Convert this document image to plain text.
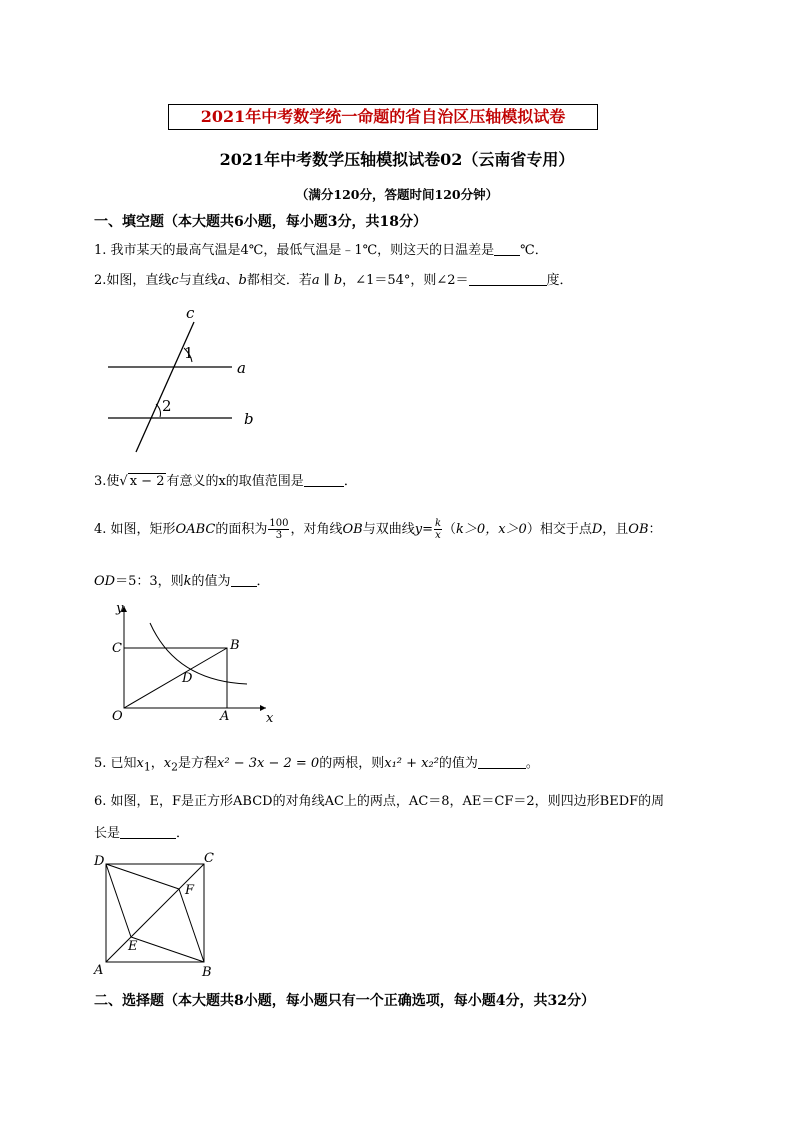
2021年中考数学统一命题的省自治区压轴模拟试卷
2021年中考数学压轴模拟试卷02（云南省专用）
（满分120分，答题时间120分钟）
一、填空题（本大题共6小题，每小题3分，共18分）
1. 我市某天的最高气温是4℃，最低气温是﹣1℃，则这天的日温差是 ℃．
2.如图，直线c与直线a、b都相交．若a ∥ b，∠1＝54°，则∠2＝	度．
c
a
b
1
2
3.使√ x − 2 有意义的x的取值范围是	．
4. 如图，矩形OABC的面积为 $\frac{100}{3}$ ，对角线OB与双曲线$y= \frac{k}{x} (k>0$，x＞0）相交于点D，且OB：
OD＝5：3，则k的值为 ．
y
x
C	B
D
O	A
5. 已知$x_1$，$x_2$是方程x² − 3x − 2 = 0的两根，则x₁² + x₂²的值为	。
6. 如图，E，F是正方形ABCD的对角线AC上的两点，AC＝8，AE＝CF＝2，则四边形BEDF的周
长是	．
D	C
F
E
A	B
二、选择题（本大题共8小题，每小题只有一个正确选项，每小题4分，共32分）
